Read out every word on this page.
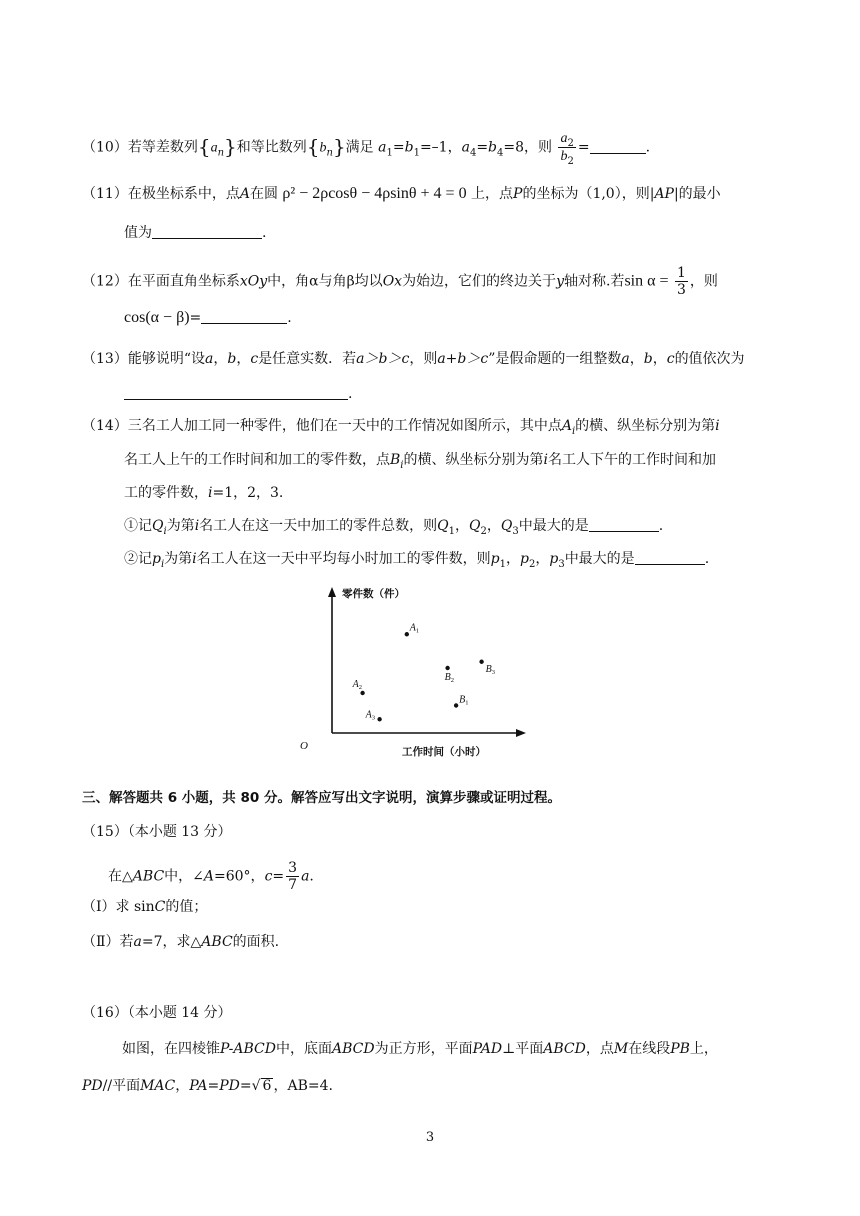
（10）若等差数列$\{a_n\}$和等比数列$\{b_n\}$满足 $a_1=b_1=-1$，$a_4=b_4=8$，则 $\frac{a_2}{b_2}$ =	.
（11）在极坐标系中，点A在圆 ρ² − 2ρcosθ − 4ρsinθ + 4 = 0 上，点P的坐标为（1,0），则|AP|的最小
值为	.
（12）在平面直角坐标系xOy中，角α与角β均以Ox为始边，它们的终边关于y轴对称.若$\sin \alpha = \frac{1}{3}$ ，则
cos(α − β)=	.
（13）能够说明“设a，b，c是任意实数．若a＞b＞c，则a+b＞c”是假命题的一组整数a，b，c的值依次为
.
（14）三名工人加工同一种零件，他们在一天中的工作情况如图所示，其中点$A_i$的横、纵坐标分别为第i
名工人上午的工作时间和加工的零件数，点$B_i$的横、纵坐标分别为第i名工人下午的工作时间和加
工的零件数，i=1，2，3.
①记$Q_i$为第i名工人在这一天中加工的零件总数，则$Q_1$，$Q_2$，$Q_3$中最大的是	.
②记$p_i$为第i名工人在这一天中平均每小时加工的零件数，则$p_1$，$p_2$，$p_3$中最大的是	.
零件数（件）
工作时间（小时）
O
$A_1$
$A_2$
$A_3$
$B_1$
$B_2$
$B_3$
三、解答题共 6 小题，共 80 分。解答应写出文字说明，演算步骤或证明过程。
（15）（本小题 13 分）
在△ABC中，∠A=60°，$c= \frac{3}{7} a$.
（Ⅰ）求 sinC的值；
（Ⅱ）若a=7，求△ABC的面积.
（16）（本小题 14 分）
如图，在四棱锥P-ABCD中，底面ABCD为正方形，平面PAD⊥平面ABCD，点M在线段PB上，
PD//平面MAC，PA=PD=√ 6 ，AB=4.
3
